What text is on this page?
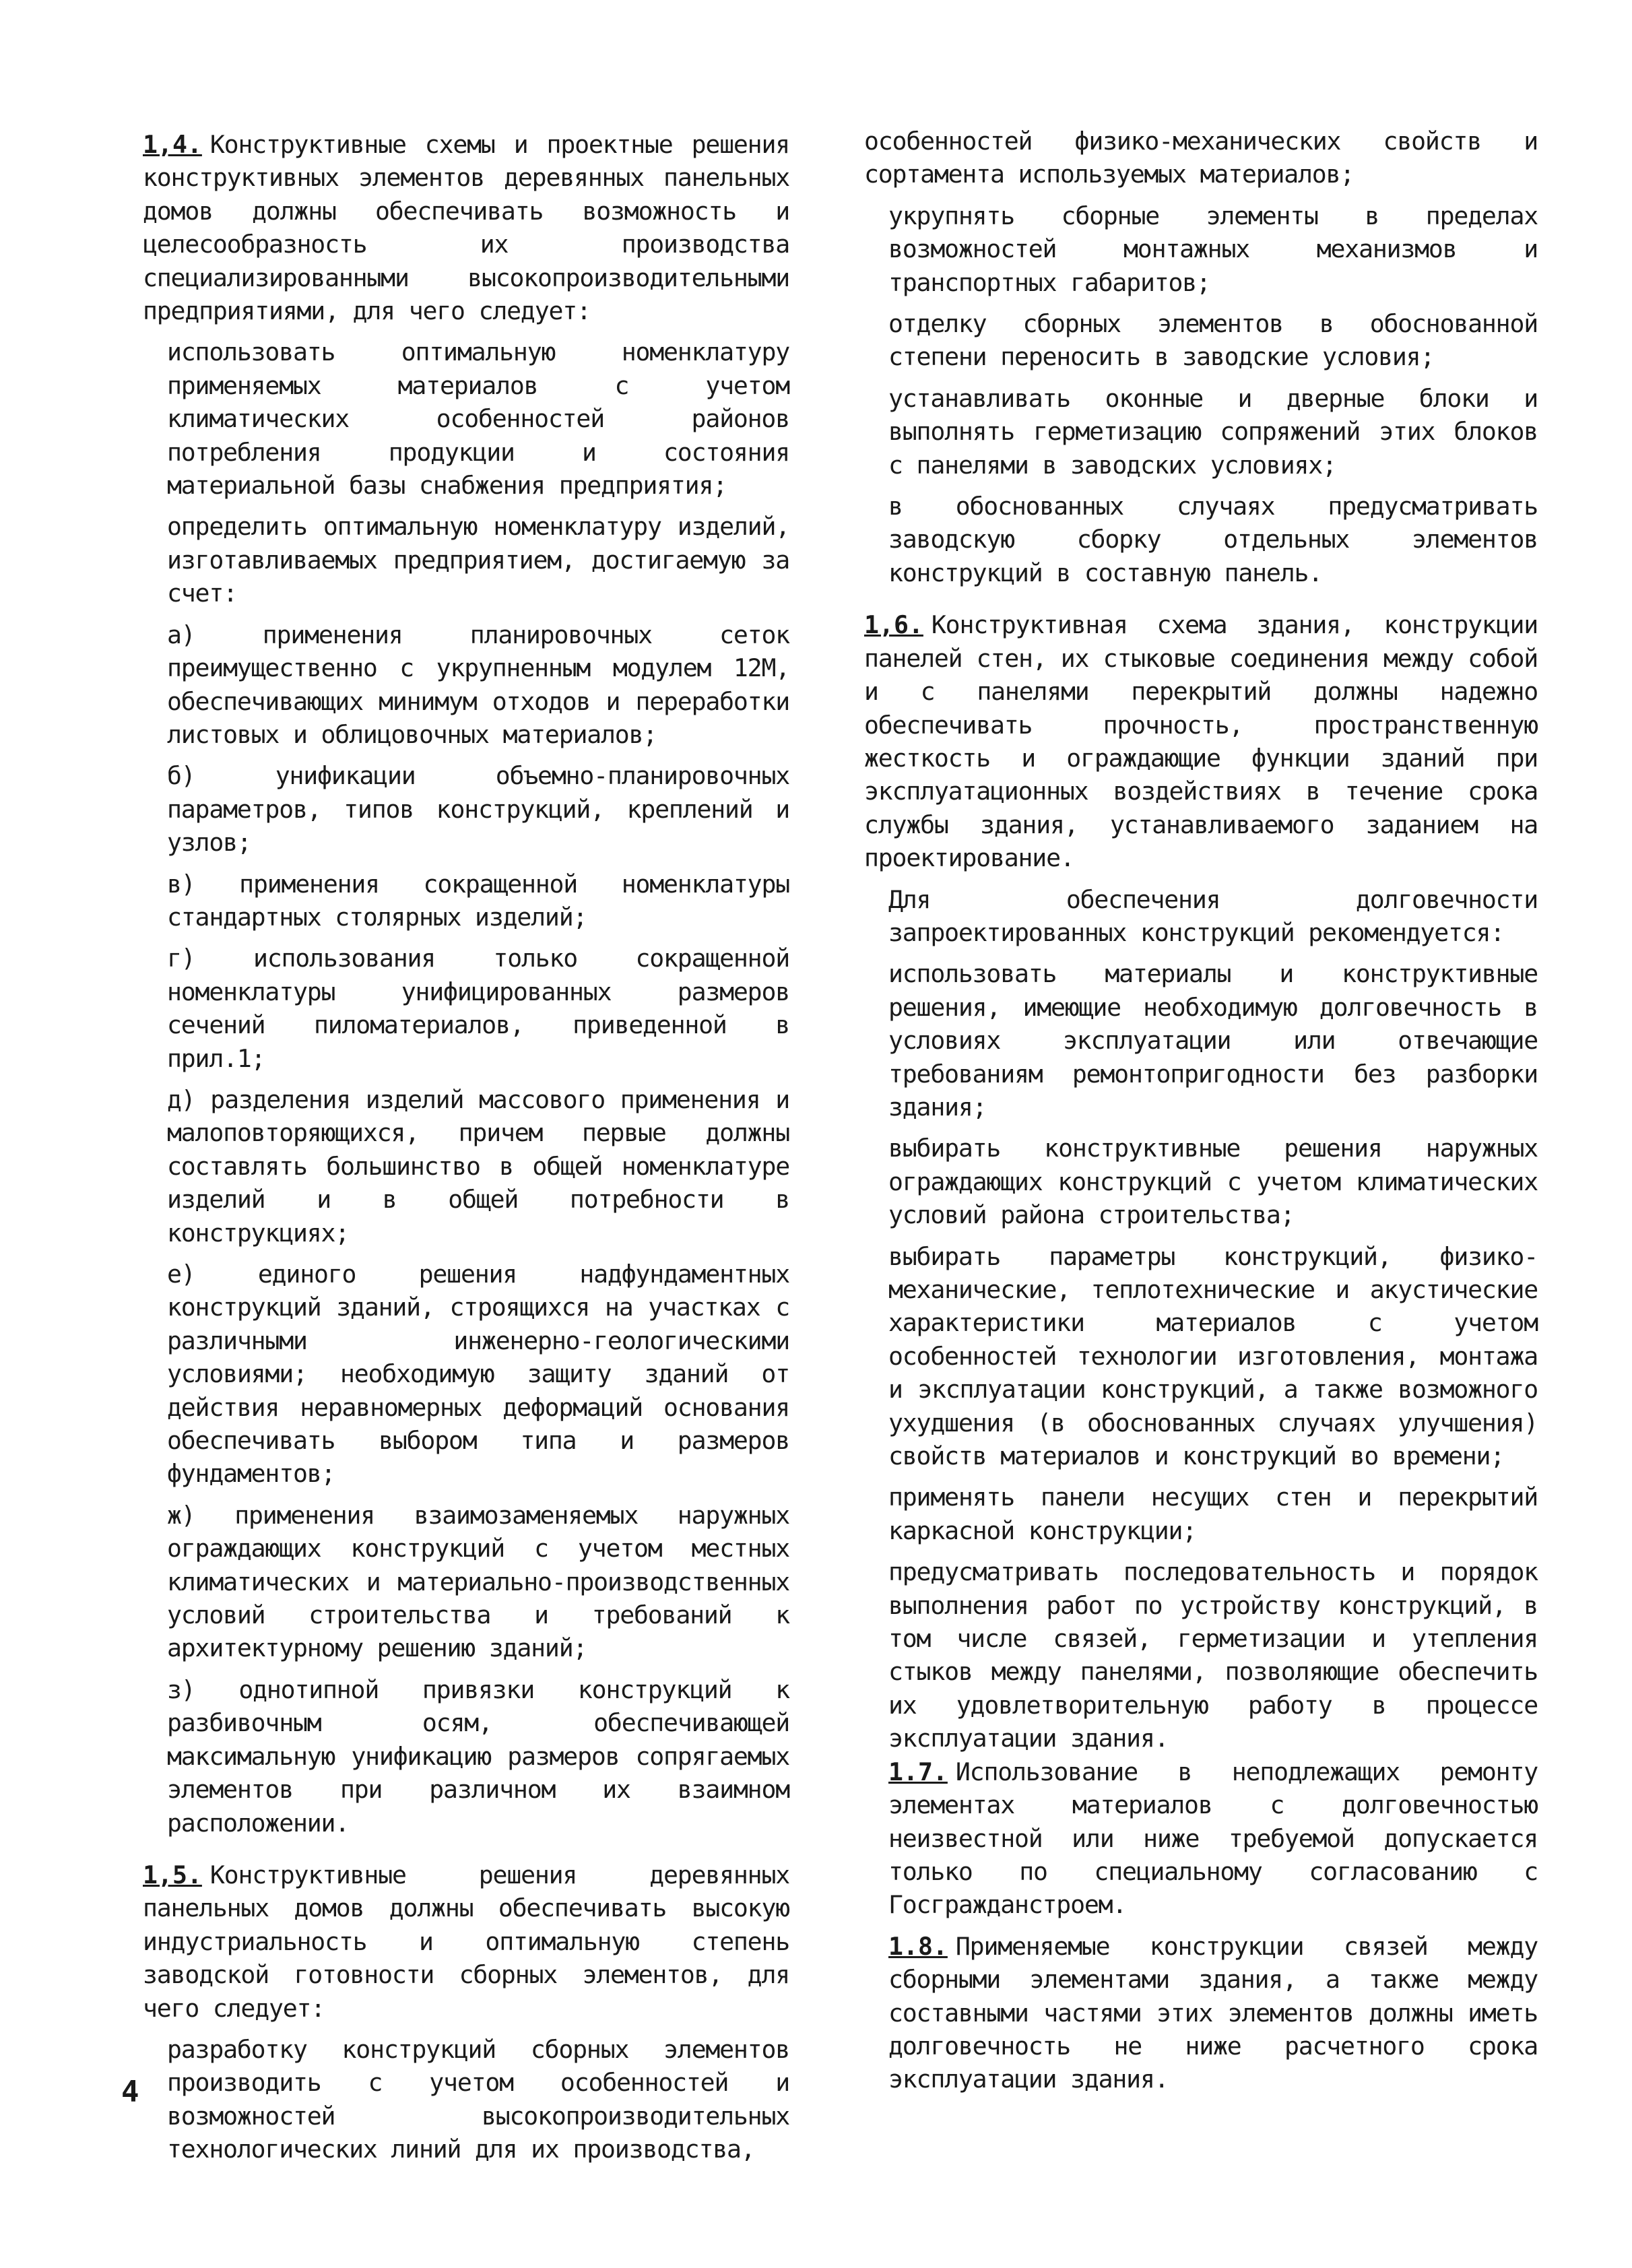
1,4. Конструктивные схемы и проектные решения конструктивных элементов деревянных панельных домов должны обеспечивать возможность и целесообразность их производства специализированными высокопроизводительными предприятиями, для чего следует:
использовать оптимальную номенклатуру применяемых материалов с учетом климатических особенностей районов потребления продукции и состояния материальной базы снабжения предприятия;
определить оптимальную номенклатуру изделий, изготавливаемых предприятием, достигаемую за счет:
а) применения планировочных сеток преимущественно с укрупненным модулем 12М, обеспечивающих минимум отходов и переработки листовых и облицовочных материалов;
б) унификации объемно-планировочных параметров, типов конструкций, креплений и узлов;
в) применения сокращенной номенклатуры стандартных столярных изделий;
г) использования только сокращенной номенклатуры унифицированных размеров сечений пиломатериалов, приведенной в прил.1;
д) разделения изделий массового применения и малоповторяющихся, причем первые должны составлять большинство в общей номенклатуре изделий и в общей потребности в конструкциях;
е) единого решения надфундаментных конструкций зданий, строящихся на участках с различными инженерно-геологическими условиями; необходимую защиту зданий от действия неравномерных деформаций основания обеспечивать выбором типа и размеров фундаментов;
ж) применения взаимозаменяемых наружных ограждающих конструкций с учетом местных климатических и материально-производственных условий строительства и требований к архитектурному решению зданий;
з) однотипной привязки конструкций к разбивочным осям, обеспечивающей максимальную унификацию размеров сопрягаемых элементов при различном их взаимном расположении.
1,5. Конструктивные решения деревянных панельных домов должны обеспечивать высокую индустриальность и оптимальную степень заводской готовности сборных элементов, для чего следует:
разработку конструкций сборных элементов производить с учетом особенностей и возможностей высокопроизводительных технологических линий для их производства,
особенностей физико-механических свойств и сортамента используемых материалов;
укрупнять сборные элементы в пределах возможностей монтажных механизмов и транспортных габаритов;
отделку сборных элементов в обоснованной степени переносить в заводские условия;
устанавливать оконные и дверные блоки и выполнять герметизацию сопряжений этих блоков с панелями в заводских условиях;
в обоснованных случаях предусматривать заводскую сборку отдельных элементов конструкций в составную панель.
1,6. Конструктивная схема здания, конструкции панелей стен, их стыковые соединения между собой и с панелями перекрытий должны надежно обеспечивать прочность, пространственную жесткость и ограждающие функции зданий при эксплуатационных воздействиях в течение срока службы здания, устанавливаемого заданием на проектирование.
Для обеспечения долговечности запроектированных конструкций рекомендуется:
использовать материалы и конструктивные решения, имеющие необходимую долговечность в условиях эксплуатации или отвечающие требованиям ремонтопригодности без разборки здания;
выбирать конструктивные решения наружных ограждающих конструкций с учетом климатических условий района строительства;
выбирать параметры конструкций, физико-механические, теплотехнические и акустические характеристики материалов с учетом особенностей технологии изготовления, монтажа и эксплуатации конструкций, а также возможного ухудшения (в обоснованных случаях улучшения) свойств материалов и конструкций во времени;
применять панели несущих стен и перекрытий каркасной конструкции;
предусматривать последовательность и порядок выполнения работ по устройству конструкций, в том числе связей, герметизации и утепления стыков между панелями, позволяющие обеспечить их удовлетворительную работу в процессе эксплуатации здания.
1.7. Использование в неподлежащих ремонту элементах материалов с долговечностью неизвестной или ниже требуемой допускается только по специальному согласованию с Госгражданстроем.
1.8. Применяемые конструкции связей между сборными элементами здания, а также между составными частями этих элементов должны иметь долговечность не ниже расчетного срока эксплуатации здания.
4
